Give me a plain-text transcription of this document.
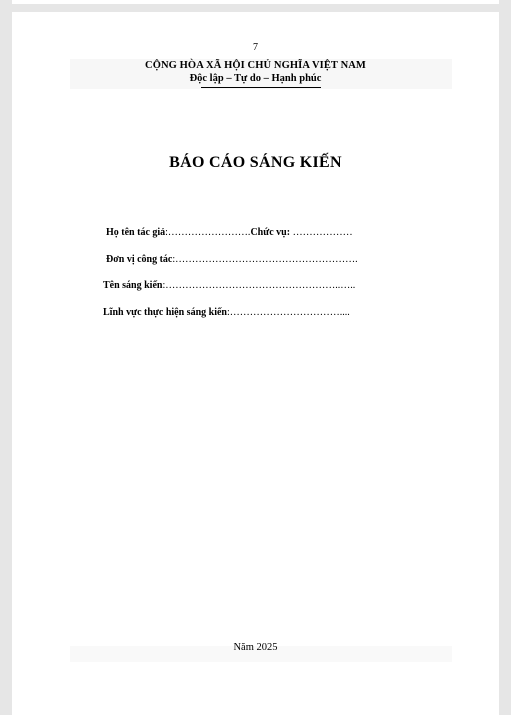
7
CỘNG HÒA XÃ HỘI CHỦ NGHĨA VIỆT NAM
Độc lập – Tự do – Hạnh phúc
BÁO CÁO SÁNG KIẾN
Họ tên tác giả:…………………….Chức vụ: ………………
Đơn vị công tác:……………………………………………….
Tên sáng kiến:……………………………………………..…..
Lĩnh vực thực hiện sáng kiến:……………………………....
Năm 2025
